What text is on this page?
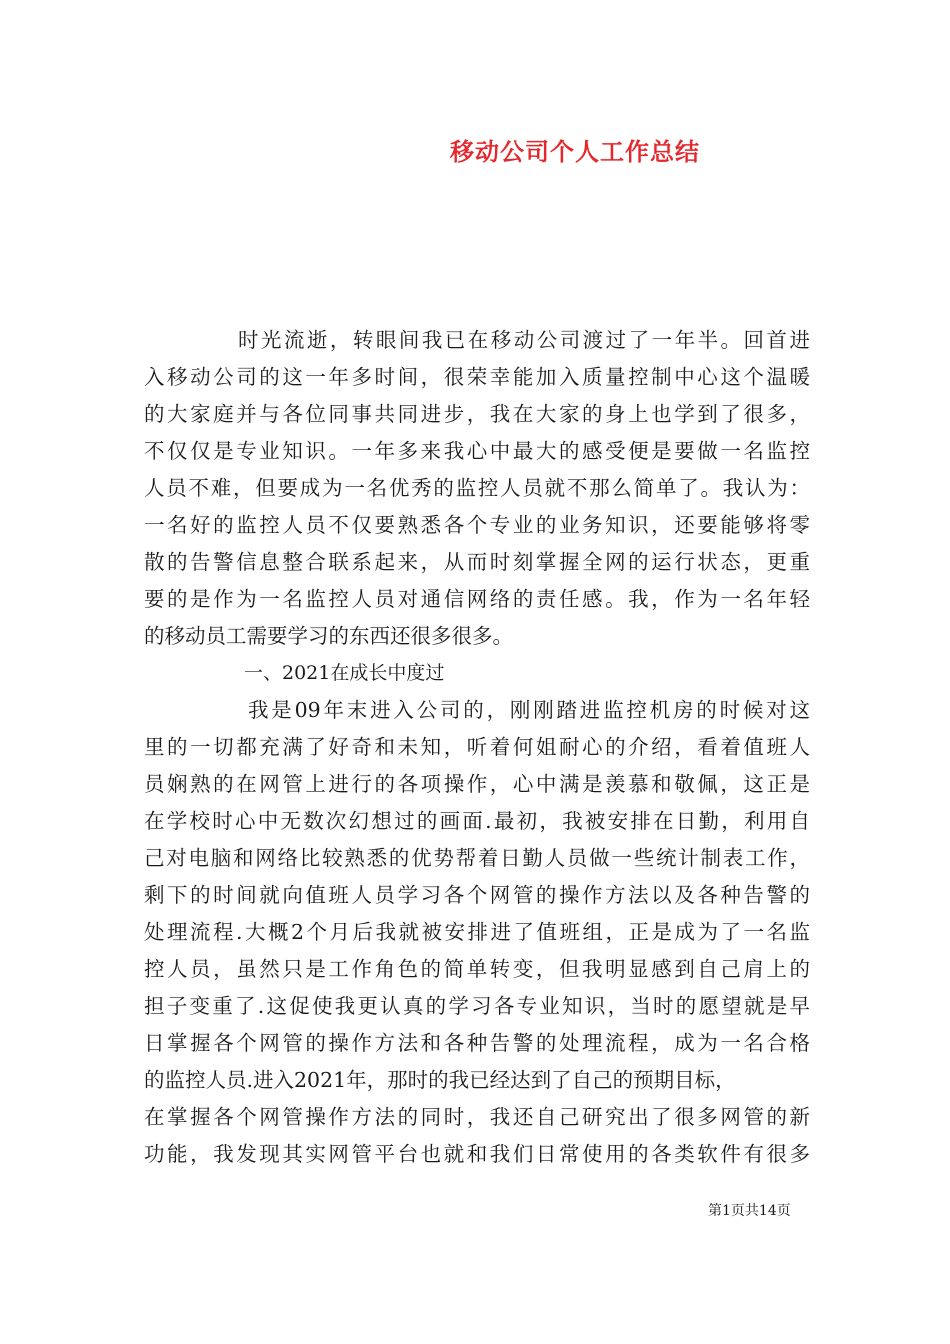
移动公司个人工作总结
时光流逝，转眼间我已在移动公司渡过了一年半。回首进
入移动公司的这一年多时间，很荣幸能加入质量控制中心这个温暖
的大家庭并与各位同事共同进步，我在大家的身上也学到了很多，
不仅仅是专业知识。一年多来我心中最大的感受便是要做一名监控
人员不难，但要成为一名优秀的监控人员就不那么简单了。我认为：
一名好的监控人员不仅要熟悉各个专业的业务知识，还要能够将零
散的告警信息整合联系起来，从而时刻掌握全网的运行状态，更重
要的是作为一名监控人员对通信网络的责任感。我，作为一名年轻
的移动员工需要学习的东西还很多很多。
一、2021在成长中度过
我是09年末进入公司的，刚刚踏进监控机房的时候对这
里的一切都充满了好奇和未知，听着何姐耐心的介绍，看着值班人
员娴熟的在网管上进行的各项操作，心中满是羡慕和敬佩，这正是
在学校时心中无数次幻想过的画面.最初，我被安排在日勤，利用自
己对电脑和网络比较熟悉的优势帮着日勤人员做一些统计制表工作，
剩下的时间就向值班人员学习各个网管的操作方法以及各种告警的
处理流程.大概2个月后我就被安排进了值班组，正是成为了一名监
控人员，虽然只是工作角色的简单转变，但我明显感到自己肩上的
担子变重了.这促使我更认真的学习各专业知识，当时的愿望就是早
日掌握各个网管的操作方法和各种告警的处理流程，成为一名合格
的监控人员.进入2021年，那时的我已经达到了自己的预期目标，
在掌握各个网管操作方法的同时，我还自己研究出了很多网管的新
功能，我发现其实网管平台也就和我们日常使用的各类软件有很多
第1页共14页
